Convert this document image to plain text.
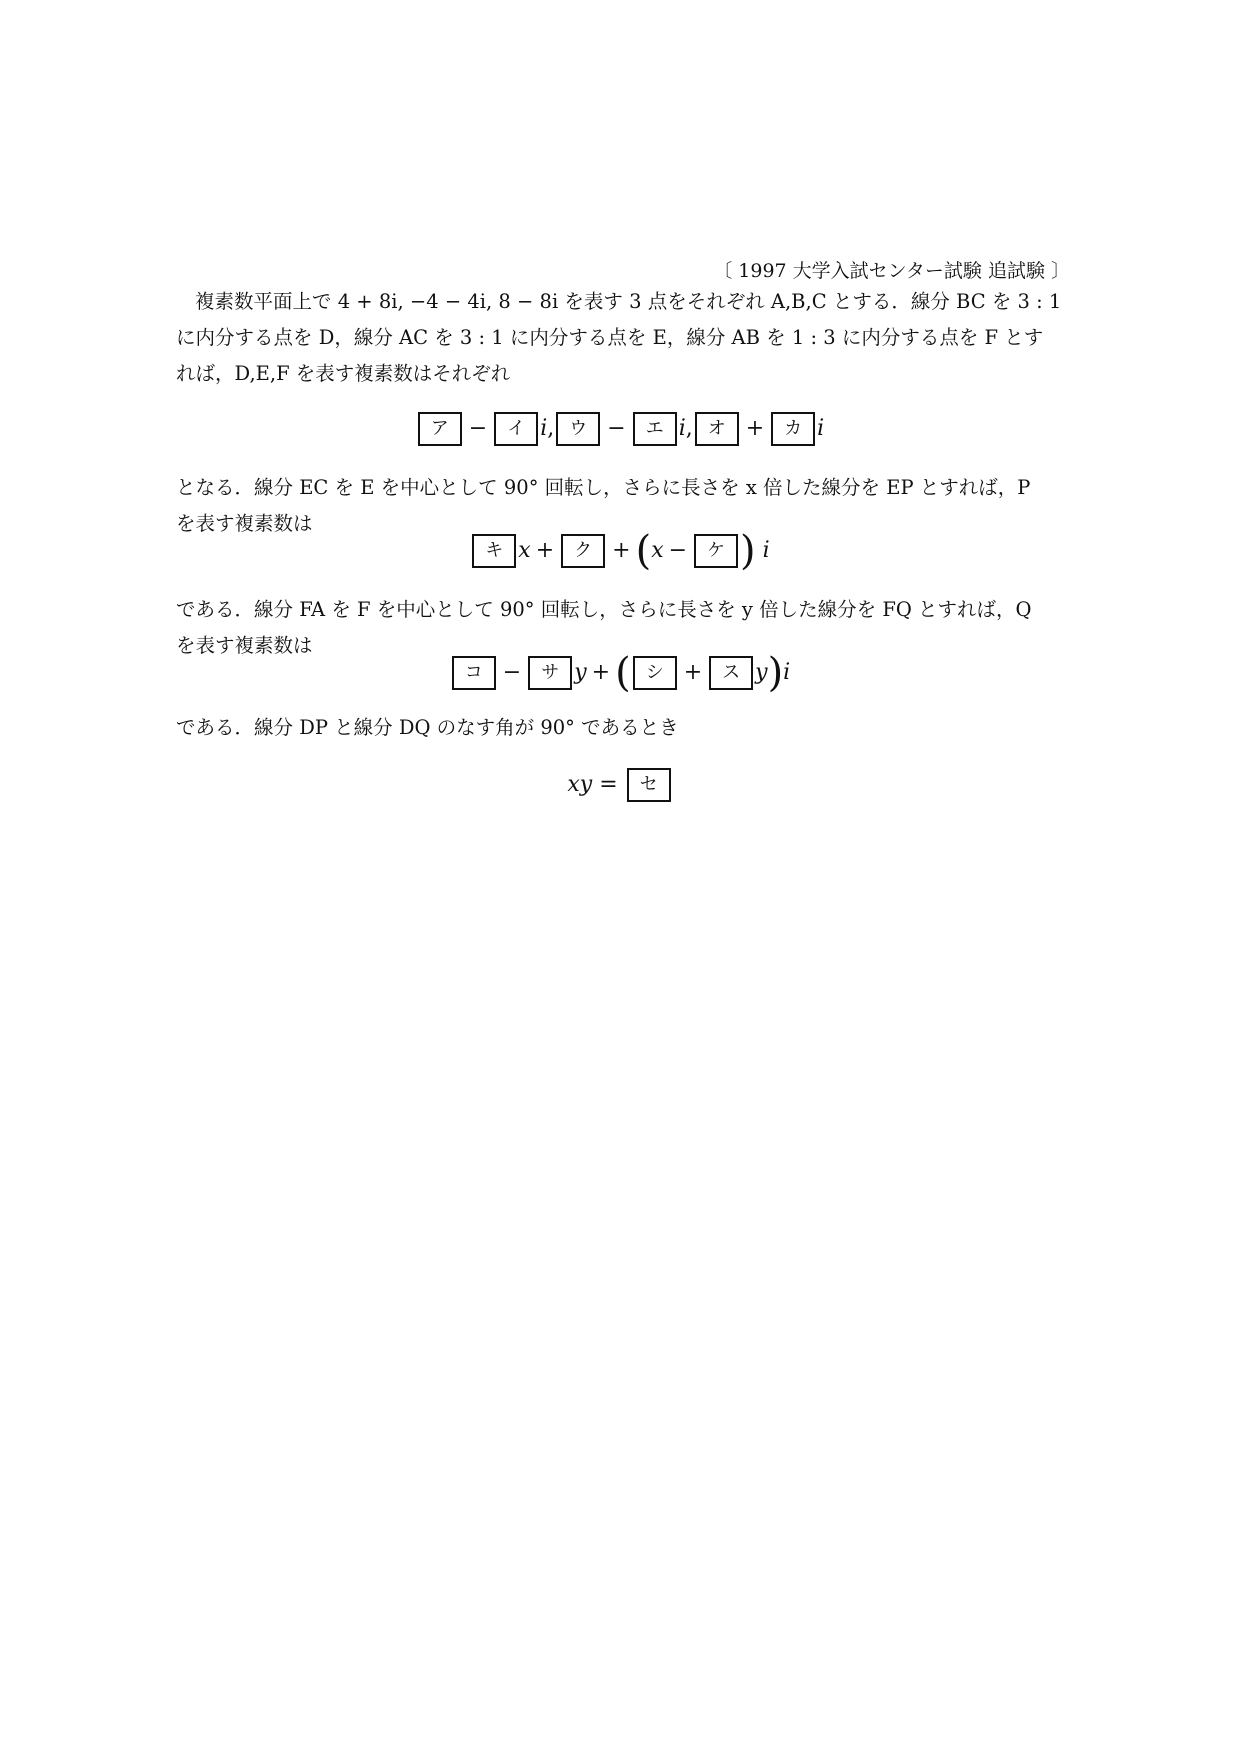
〔 1997 大学入試センター試験 追試験 〕

複素数平面上で 4 + 8i, −4 − 4i, 8 − 8i を表す 3 点をそれぞれ A,B,C とする．線分 BC を 3 : 1
に内分する点を D，線分 AC を 3 : 1 に内分する点を E，線分 AB を 1 : 3 に内分する点を F とす
れば，D,E,F を表す複素数はそれぞれ

ア − イ i, ウ − エ i, オ + カ i

となる．線分 EC を E を中心として 90° 回転し，さらに長さを x 倍した線分を EP とすれば，P
を表す複素数は

キ x + ク + (x − ケ ) i

である．線分 FA を F を中心として 90° 回転し，さらに長さを y 倍した線分を FQ とすれば，Q
を表す複素数は

コ − サ y + ( シ + ス y)i

である．線分 DP と線分 DQ のなす角が 90° であるとき

xy = セ
